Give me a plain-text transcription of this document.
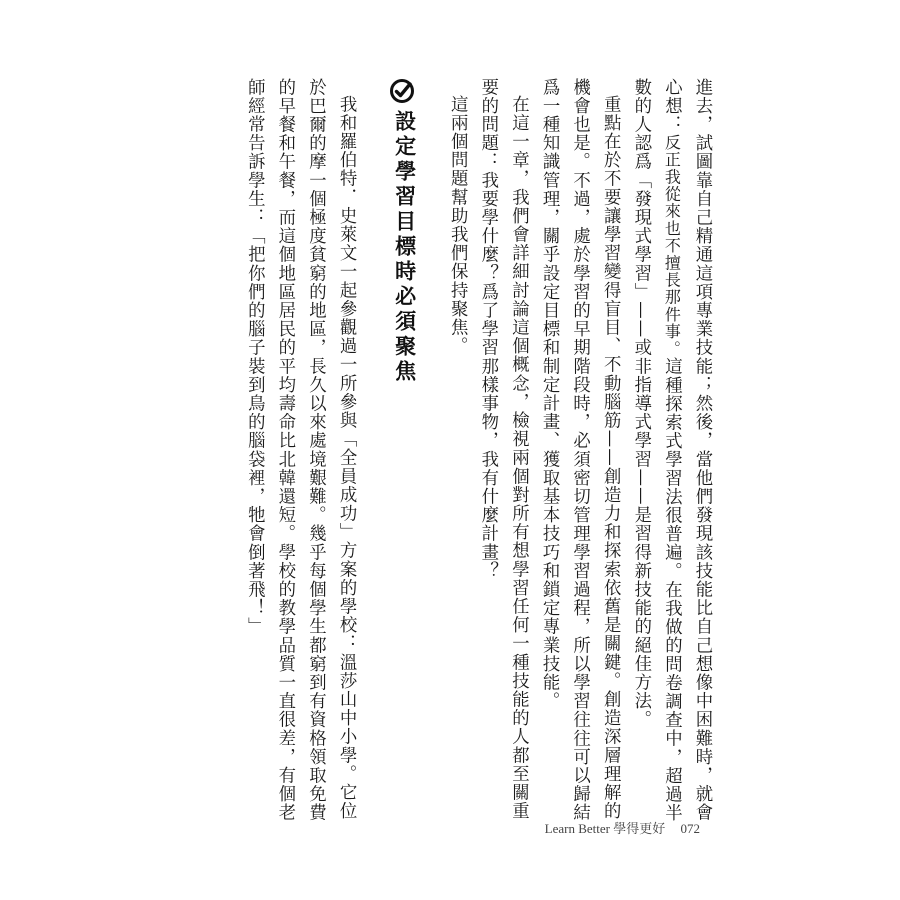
進去，試圖靠自己精通這項專業技能；然後，當他們發現該技能比自己想像中困難時，就會心想：反正我從來也不擅長那件事。這種探索式學習法很普遍。在我做的問卷調查中，超過半數的人認爲「發現式學習」——或非指導式學習——是習得新技能的絕佳方法。

重點在於不要讓學習變得盲目、不動腦筋——創造力和探索依舊是關鍵。創造深層理解的機會也是。不過，處於學習的早期階段時，必須密切管理學習過程，所以學習往往可以歸結爲一種知識管理，關乎設定目標和制定計畫、獲取基本技巧和鎖定專業技能。

在這一章，我們會詳細討論這個概念，檢視兩個對所有想學習任何一種技能的人都至關重要的問題：我要學什麼？爲了學習那樣事物，我有什麼計畫？

這兩個問題幫助我們保持聚焦。

設定學習目標時必須聚焦

我和羅伯特．史萊文一起參觀過一所參與「全員成功」方案的學校：溫莎山中小學。它位於巴爾的摩一個極度貧窮的地區，長久以來處境艱難。幾乎每個學生都窮到有資格領取免費的早餐和午餐，而這個地區居民的平均壽命比北韓還短。學校的教學品質一直很差，有個老師經常告訴學生：「把你們的腦子裝到鳥的腦袋裡，牠會倒著飛！」

Learn Better 學得更好 072
